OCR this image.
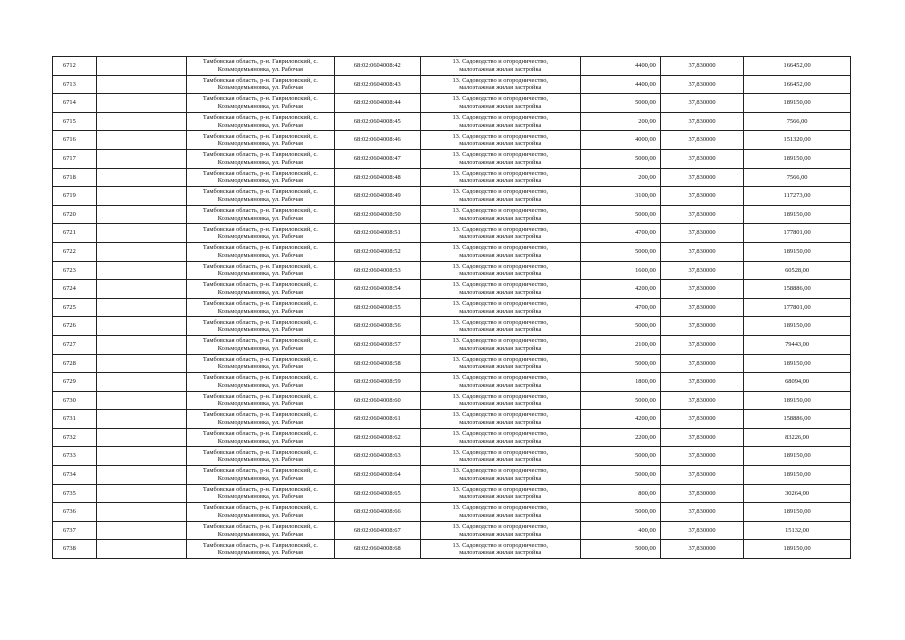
6712		Тамбовская область, р-н. Гавриловский, с.
Козьмодемьяновка, ул. Рабочая	68:02:0604008:42	13. Садоводство и огородничество,
малоэтажная жилая застройка	4400,00	37,830000	166452,00
6713		Тамбовская область, р-н. Гавриловский, с.
Козьмодемьяновка, ул. Рабочая	68:02:0604008:43	13. Садоводство и огородничество,
малоэтажная жилая застройка	4400,00	37,830000	166452,00
6714		Тамбовская область, р-н. Гавриловский, с.
Козьмодемьяновка, ул. Рабочая	68:02:0604008:44	13. Садоводство и огородничество,
малоэтажная жилая застройка	5000,00	37,830000	189150,00
6715		Тамбовская область, р-н. Гавриловский, с.
Козьмодемьяновка, ул. Рабочая	68:02:0604008:45	13. Садоводство и огородничество,
малоэтажная жилая застройка	200,00	37,830000	7566,00
6716		Тамбовская область, р-н. Гавриловский, с.
Козьмодемьяновка, ул. Рабочая	68:02:0604008:46	13. Садоводство и огородничество,
малоэтажная жилая застройка	4000,00	37,830000	151320,00
6717		Тамбовская область, р-н. Гавриловский, с.
Козьмодемьяновка, ул. Рабочая	68:02:0604008:47	13. Садоводство и огородничество,
малоэтажная жилая застройка	5000,00	37,830000	189150,00
6718		Тамбовская область, р-н. Гавриловский, с.
Козьмодемьяновка, ул. Рабочая	68:02:0604008:48	13. Садоводство и огородничество,
малоэтажная жилая застройка	200,00	37,830000	7566,00
6719		Тамбовская область, р-н. Гавриловский, с.
Козьмодемьяновка, ул. Рабочая	68:02:0604008:49	13. Садоводство и огородничество,
малоэтажная жилая застройка	3100,00	37,830000	117273,00
6720		Тамбовская область, р-н. Гавриловский, с.
Козьмодемьяновка, ул. Рабочая	68:02:0604008:50	13. Садоводство и огородничество,
малоэтажная жилая застройка	5000,00	37,830000	189150,00
6721		Тамбовская область, р-н. Гавриловский, с.
Козьмодемьяновка, ул. Рабочая	68:02:0604008:51	13. Садоводство и огородничество,
малоэтажная жилая застройка	4700,00	37,830000	177801,00
6722		Тамбовская область, р-н. Гавриловский, с.
Козьмодемьяновка, ул. Рабочая	68:02:0604008:52	13. Садоводство и огородничество,
малоэтажная жилая застройка	5000,00	37,830000	189150,00
6723		Тамбовская область, р-н. Гавриловский, с.
Козьмодемьяновка, ул. Рабочая	68:02:0604008:53	13. Садоводство и огородничество,
малоэтажная жилая застройка	1600,00	37,830000	60528,00
6724		Тамбовская область, р-н. Гавриловский, с.
Козьмодемьяновка, ул. Рабочая	68:02:0604008:54	13. Садоводство и огородничество,
малоэтажная жилая застройка	4200,00	37,830000	158886,00
6725		Тамбовская область, р-н. Гавриловский, с.
Козьмодемьяновка, ул. Рабочая	68:02:0604008:55	13. Садоводство и огородничество,
малоэтажная жилая застройка	4700,00	37,830000	177801,00
6726		Тамбовская область, р-н. Гавриловский, с.
Козьмодемьяновка, ул. Рабочая	68:02:0604008:56	13. Садоводство и огородничество,
малоэтажная жилая застройка	5000,00	37,830000	189150,00
6727		Тамбовская область, р-н. Гавриловский, с.
Козьмодемьяновка, ул. Рабочая	68:02:0604008:57	13. Садоводство и огородничество,
малоэтажная жилая застройка	2100,00	37,830000	79443,00
6728		Тамбовская область, р-н. Гавриловский, с.
Козьмодемьяновка, ул. Рабочая	68:02:0604008:58	13. Садоводство и огородничество,
малоэтажная жилая застройка	5000,00	37,830000	189150,00
6729		Тамбовская область, р-н. Гавриловский, с.
Козьмодемьяновка, ул. Рабочая	68:02:0604008:59	13. Садоводство и огородничество,
малоэтажная жилая застройка	1800,00	37,830000	68094,00
6730		Тамбовская область, р-н. Гавриловский, с.
Козьмодемьяновка, ул. Рабочая	68:02:0604008:60	13. Садоводство и огородничество,
малоэтажная жилая застройка	5000,00	37,830000	189150,00
6731		Тамбовская область, р-н. Гавриловский, с.
Козьмодемьяновка, ул. Рабочая	68:02:0604008:61	13. Садоводство и огородничество,
малоэтажная жилая застройка	4200,00	37,830000	158886,00
6732		Тамбовская область, р-н. Гавриловский, с.
Козьмодемьяновка, ул. Рабочая	68:02:0604008:62	13. Садоводство и огородничество,
малоэтажная жилая застройка	2200,00	37,830000	83226,00
6733		Тамбовская область, р-н. Гавриловский, с.
Козьмодемьяновка, ул. Рабочая	68:02:0604008:63	13. Садоводство и огородничество,
малоэтажная жилая застройка	5000,00	37,830000	189150,00
6734		Тамбовская область, р-н. Гавриловский, с.
Козьмодемьяновка, ул. Рабочая	68:02:0604008:64	13. Садоводство и огородничество,
малоэтажная жилая застройка	5000,00	37,830000	189150,00
6735		Тамбовская область, р-н. Гавриловский, с.
Козьмодемьяновка, ул. Рабочая	68:02:0604008:65	13. Садоводство и огородничество,
малоэтажная жилая застройка	800,00	37,830000	30264,00
6736		Тамбовская область, р-н. Гавриловский, с.
Козьмодемьяновка, ул. Рабочая	68:02:0604008:66	13. Садоводство и огородничество,
малоэтажная жилая застройка	5000,00	37,830000	189150,00
6737		Тамбовская область, р-н. Гавриловский, с.
Козьмодемьяновка, ул. Рабочая	68:02:0604008:67	13. Садоводство и огородничество,
малоэтажная жилая застройка	400,00	37,830000	15132,00
6738		Тамбовская область, р-н. Гавриловский, с.
Козьмодемьяновка, ул. Рабочая	68:02:0604008:68	13. Садоводство и огородничество,
малоэтажная жилая застройка	5000,00	37,830000	189150,00
